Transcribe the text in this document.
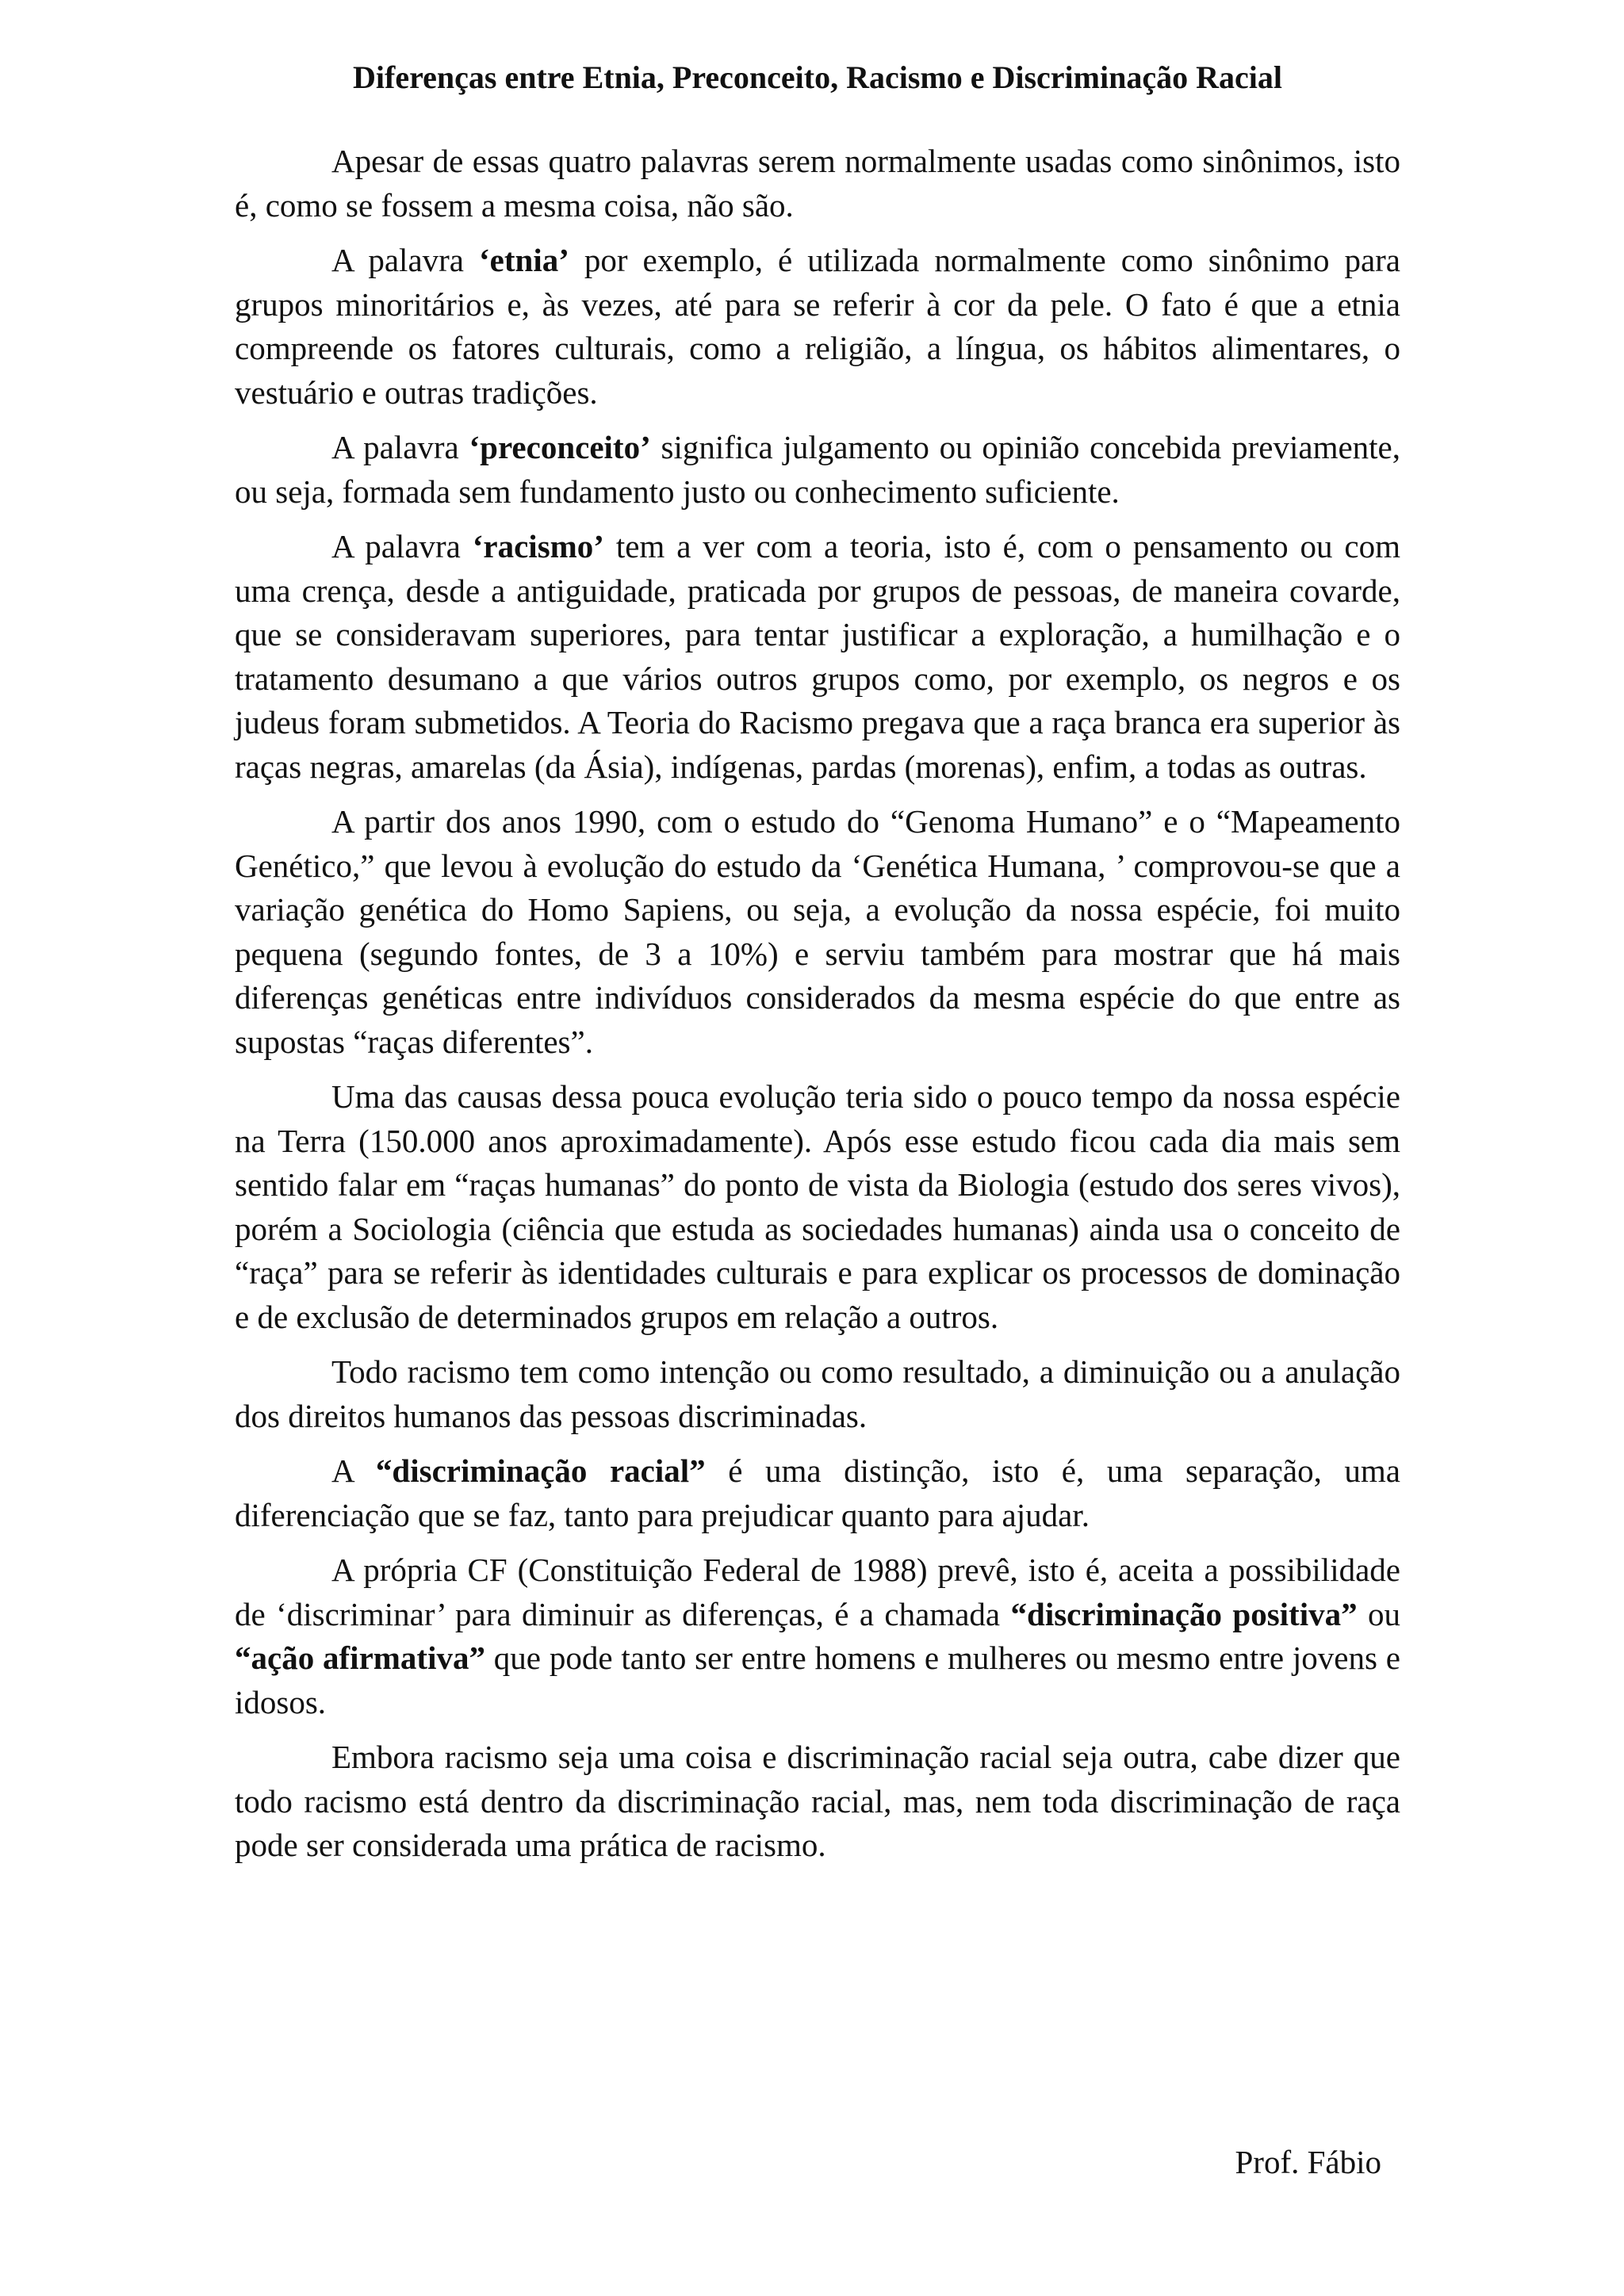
Diferenças entre Etnia, Preconceito, Racismo e Discriminação Racial

Apesar de essas quatro palavras serem normalmente usadas como sinônimos, isto é, como se fossem a mesma coisa, não são.

A palavra ‘etnia’ por exemplo, é utilizada normalmente como sinônimo para grupos minoritários e, às vezes, até para se referir à cor da pele. O fato é que a etnia compreende os fatores culturais, como a religião, a língua, os hábitos alimentares, o vestuário e outras tradições.

A palavra ‘preconceito’ significa julgamento ou opinião concebida previamente, ou seja, formada sem fundamento justo ou conhecimento suficiente.

A palavra ‘racismo’ tem a ver com a teoria, isto é, com o pensamento ou com uma crença, desde a antiguidade, praticada por grupos de pessoas, de maneira covarde, que se consideravam superiores, para tentar justificar a exploração, a humilhação e o tratamento desumano a que vários outros grupos como, por exemplo, os negros e os judeus foram submetidos. A Teoria do Racismo pregava que a raça branca era superior às raças negras, amarelas (da Ásia), indígenas, pardas (morenas), enfim, a todas as outras.

A partir dos anos 1990, com o estudo do “Genoma Humano” e o “Mapeamento Genético,” que levou à evolução do estudo da ‘Genética Humana, ’ comprovou-se que a variação genética do Homo Sapiens, ou seja, a evolução da nossa espécie, foi muito pequena (segundo fontes, de 3 a 10%) e serviu também para mostrar que há mais diferenças genéticas entre indivíduos considerados da mesma espécie do que entre as supostas “raças diferentes”.

Uma das causas dessa pouca evolução teria sido o pouco tempo da nossa espécie na Terra (150.000 anos aproximadamente). Após esse estudo ficou cada dia mais sem sentido falar em “raças humanas” do ponto de vista da Biologia (estudo dos seres vivos), porém a Sociologia (ciência que estuda as sociedades humanas) ainda usa o conceito de “raça” para se referir às identidades culturais e para explicar os processos de dominação e de exclusão de determinados grupos em relação a outros.

Todo racismo tem como intenção ou como resultado, a diminuição ou a anulação dos direitos humanos das pessoas discriminadas.

A “discriminação racial” é uma distinção, isto é, uma separação, uma diferenciação que se faz, tanto para prejudicar quanto para ajudar.

A própria CF (Constituição Federal de 1988) prevê, isto é, aceita a possibilidade de ‘discriminar’ para diminuir as diferenças, é a chamada “discriminação positiva” ou “ação afirmativa” que pode tanto ser entre homens e mulheres ou mesmo entre jovens e idosos.

Embora racismo seja uma coisa e discriminação racial seja outra, cabe dizer que todo racismo está dentro da discriminação racial, mas, nem toda discriminação de raça pode ser considerada uma prática de racismo.

Prof. Fábio
